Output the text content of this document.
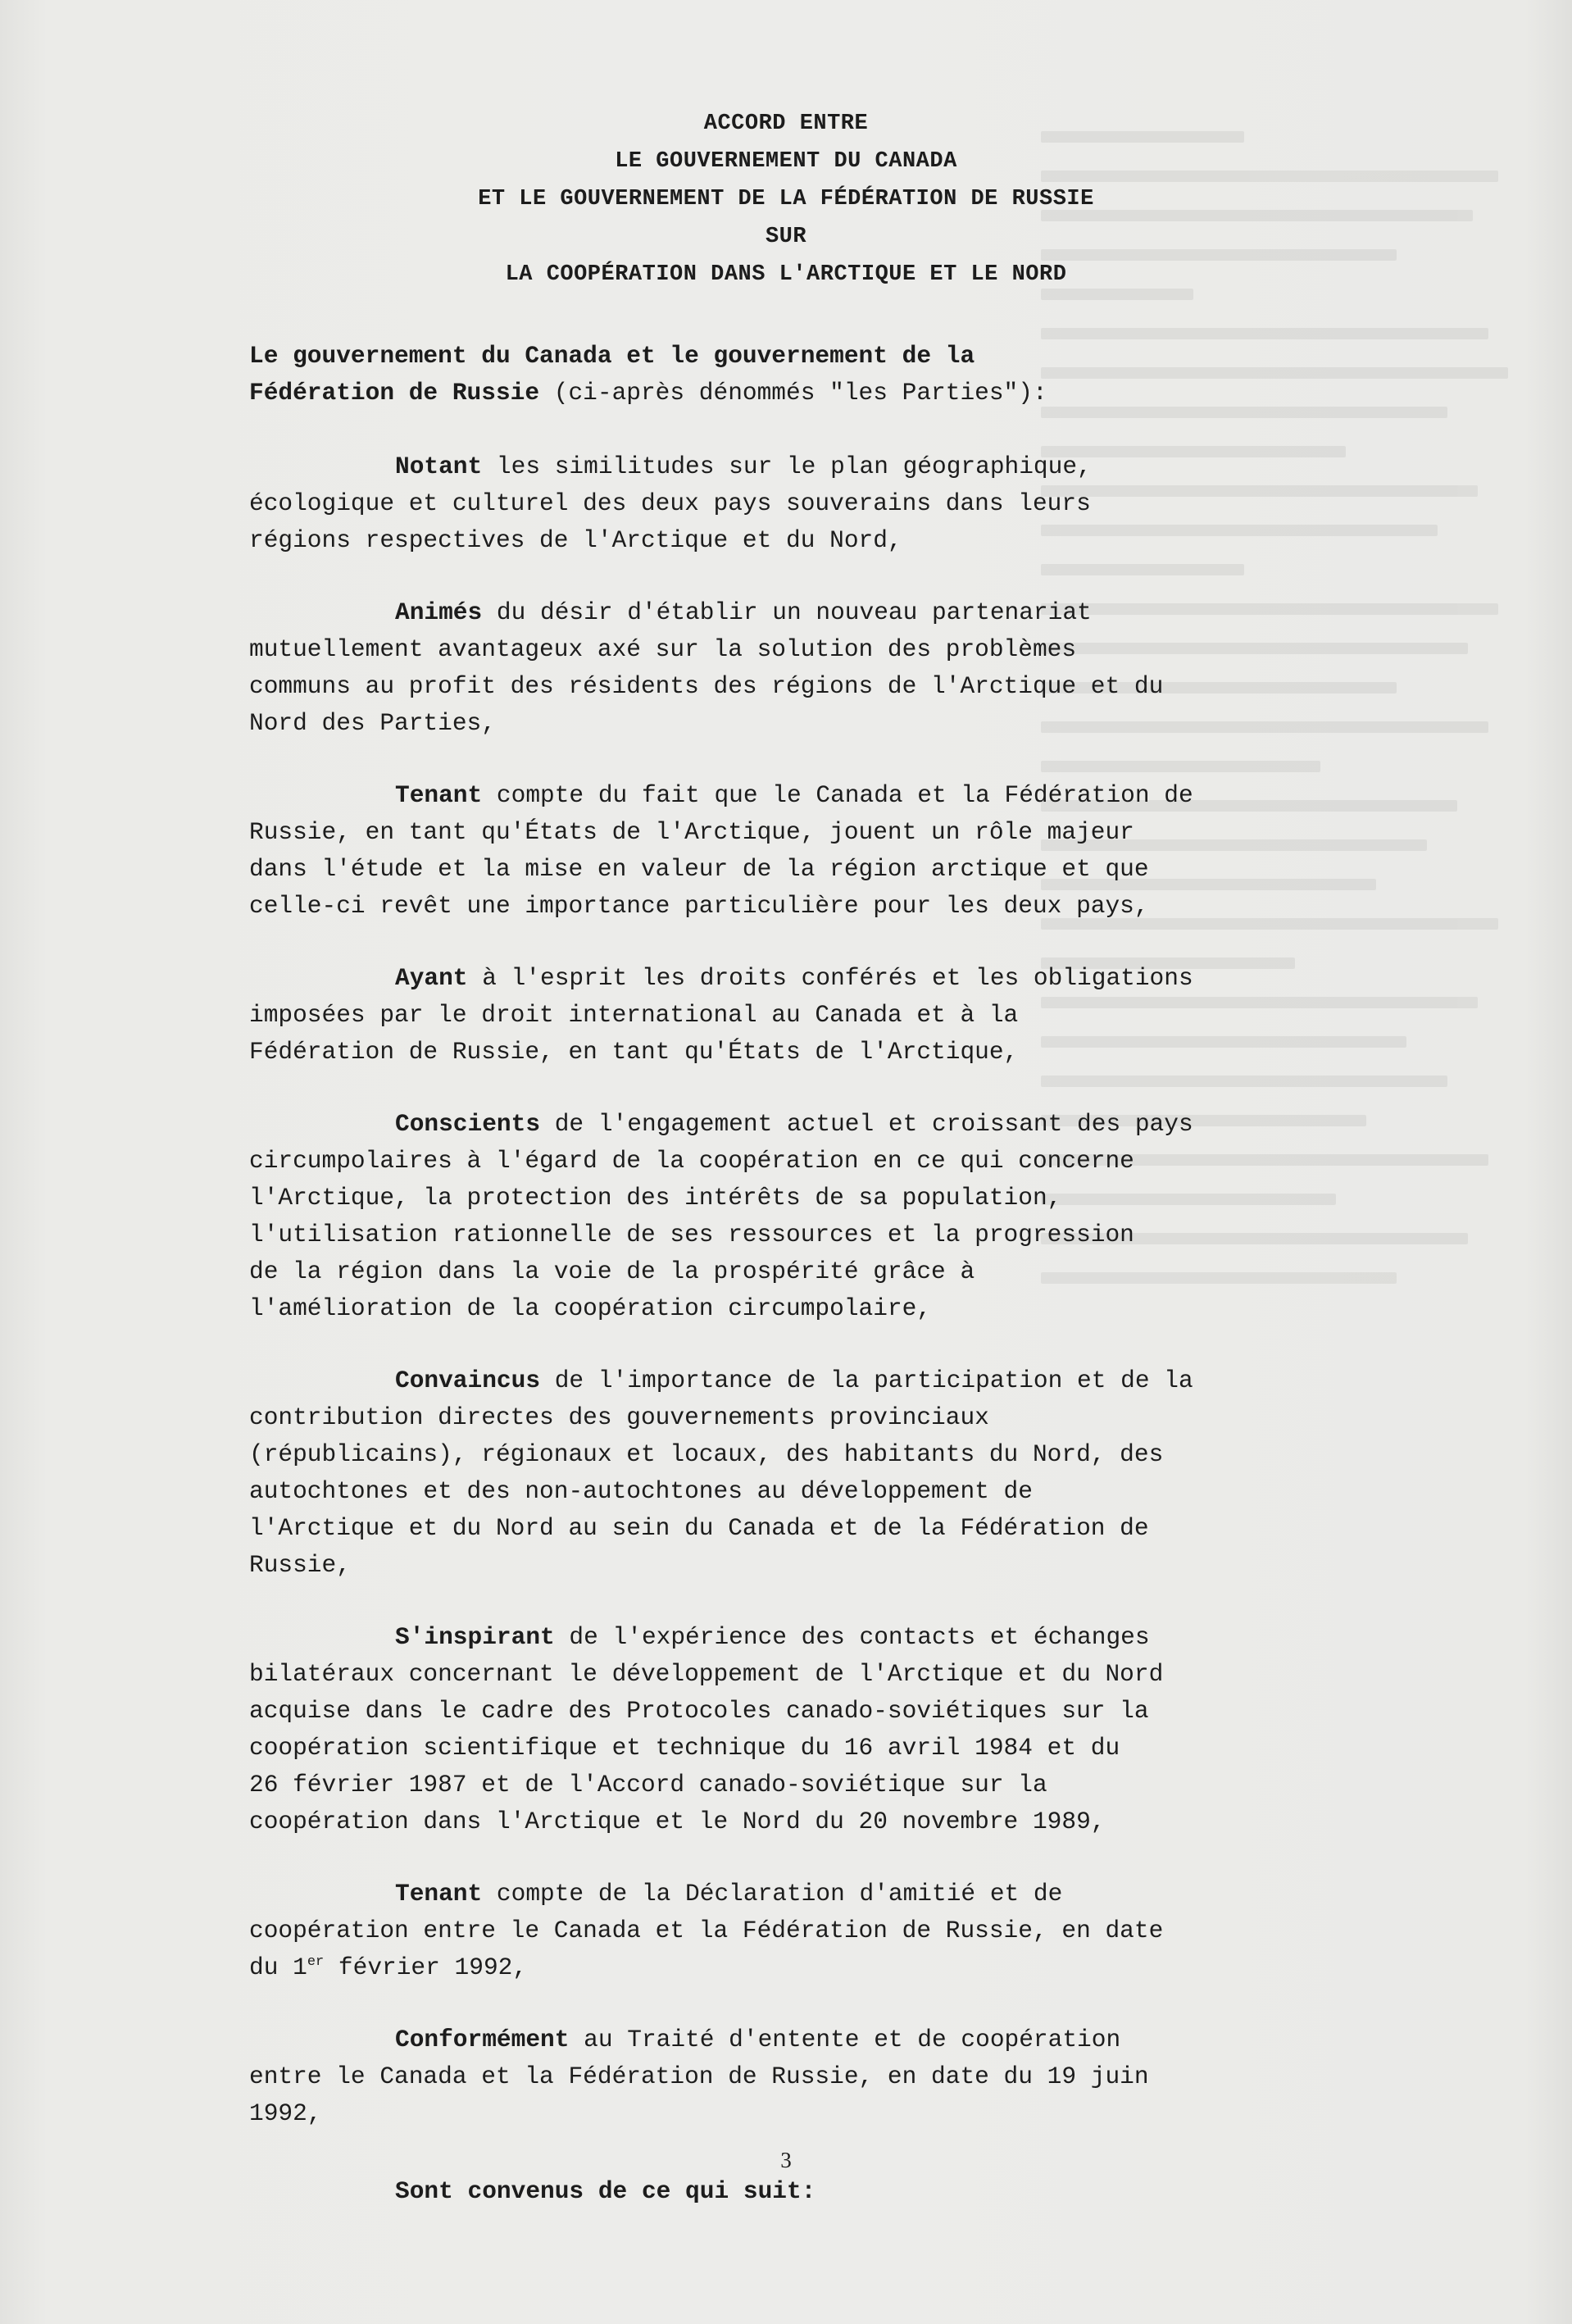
ACCORD ENTRE
LE GOUVERNEMENT DU CANADA
ET LE GOUVERNEMENT DE LA FÉDÉRATION DE RUSSIE
SUR
LA COOPÉRATION DANS L'ARCTIQUE ET LE NORD
Le gouvernement du Canada et le gouvernement de la
Fédération de Russie (ci-après dénommés "les Parties"):
Notant les similitudes sur le plan géographique,
écologique et culturel des deux pays souverains dans leurs
régions respectives de l'Arctique et du Nord,
Animés du désir d'établir un nouveau partenariat
mutuellement avantageux axé sur la solution des problèmes
communs au profit des résidents des régions de l'Arctique et du
Nord des Parties,
Tenant compte du fait que le Canada et la Fédération de
Russie, en tant qu'États de l'Arctique, jouent un rôle majeur
dans l'étude et la mise en valeur de la région arctique et que
celle-ci revêt une importance particulière pour les deux pays,
Ayant à l'esprit les droits conférés et les obligations
imposées par le droit international au Canada et à la
Fédération de Russie, en tant qu'États de l'Arctique,
Conscients de l'engagement actuel et croissant des pays
circumpolaires à l'égard de la coopération en ce qui concerne
l'Arctique, la protection des intérêts de sa population,
l'utilisation rationnelle de ses ressources et la progression
de la région dans la voie de la prospérité grâce à
l'amélioration de la coopération circumpolaire,
Convaincus de l'importance de la participation et de la
contribution directes des gouvernements provinciaux
(républicains), régionaux et locaux, des habitants du Nord, des
autochtones et des non-autochtones au développement de
l'Arctique et du Nord au sein du Canada et de la Fédération de
Russie,
S'inspirant de l'expérience des contacts et échanges
bilatéraux concernant le développement de l'Arctique et du Nord
acquise dans le cadre des Protocoles canado-soviétiques sur la
coopération scientifique et technique du 16 avril 1984 et du
26 février 1987 et de l'Accord canado-soviétique sur la
coopération dans l'Arctique et le Nord du 20 novembre 1989,
Tenant compte de la Déclaration d'amitié et de
coopération entre le Canada et la Fédération de Russie, en date
du 1er février 1992,
Conformément au Traité d'entente et de coopération
entre le Canada et la Fédération de Russie, en date du 19 juin
1992,
Sont convenus de ce qui suit:
3
